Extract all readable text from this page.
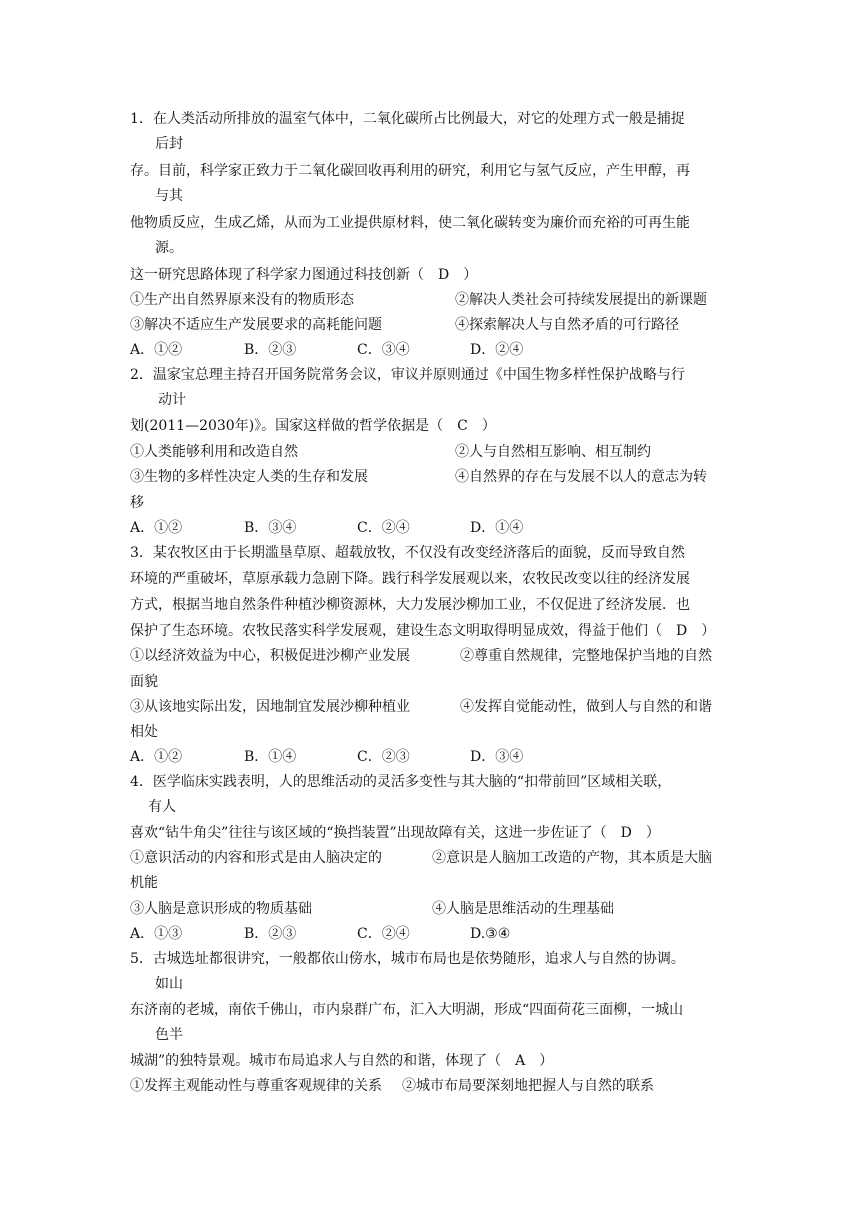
1．在人类活动所排放的温室气体中，二氧化碳所占比例最大，对它的处理方式一般是捕捉
后封
存。目前，科学家正致力于二氧化碳回收再利用的研究，利用它与氢气反应，产生甲醇，再
与其
他物质反应，生成乙烯，从而为工业提供原材料，使二氧化碳转变为廉价而充裕的可再生能
源。
这一研究思路体现了科学家力图通过科技创新（　D　）
①生产出自然界原来没有的物质形态	②解决人类社会可持续发展提出的新课题
③解决不适应生产发展要求的高耗能问题	④探索解决人与自然矛盾的可行路径
A．①②	B．②③	C．③④	D．②④
2．温家宝总理主持召开国务院常务会议，审议并原则通过《中国生物多样性保护战略与行
动计
划(2011—2030年)》。国家这样做的哲学依据是（　C　）
①人类能够利用和改造自然	②人与自然相互影响、相互制约
③生物的多样性决定人类的生存和发展	④自然界的存在与发展不以人的意志为转
移
A．①②	B．③④	C．②④	D．①④
3．某农牧区由于长期滥垦草原、超载放牧，不仅没有改变经济落后的面貌，反而导致自然
环境的严重破坏，草原承载力急剧下降。践行科学发展观以来，农牧民改变以往的经济发展
方式，根据当地自然条件种植沙柳资源林，大力发展沙柳加工业，不仅促进了经济发展．也
保护了生态环境。农牧民落实科学发展观，建设生态文明取得明显成效，得益于他们（　D　）
①以经济效益为中心，积极促进沙柳产业发展	②尊重自然规律，完整地保护当地的自然
面貌
③从该地实际出发，因地制宜发展沙柳种植业	④发挥自觉能动性，做到人与自然的和谐
相处
A．①②	B．①④	C．②③	D．③④
4．医学临床实践表明，人的思维活动的灵活多变性与其大脑的“扣带前回”区域相关联，
有人
喜欢“钻牛角尖”往往与该区域的“换挡装置”出现故障有关，这进一步佐证了（　D　）
①意识活动的内容和形式是由人脑决定的	②意识是人脑加工改造的产物，其本质是大脑
机能
③人脑是意识形成的物质基础	④人脑是思维活动的生理基础
A．①③	B．②③	C．②④	D.③④
5．古城选址都很讲究，一般都依山傍水，城市布局也是依势随形，追求人与自然的协调。
如山
东济南的老城，南依千佛山，市内泉群广布，汇入大明湖，形成“四面荷花三面柳，一城山
色半
城湖”的独特景观。城市布局追求人与自然的和谐，体现了（　A　）
①发挥主观能动性与尊重客观规律的关系 ②城市布局要深刻地把握人与自然的联系
